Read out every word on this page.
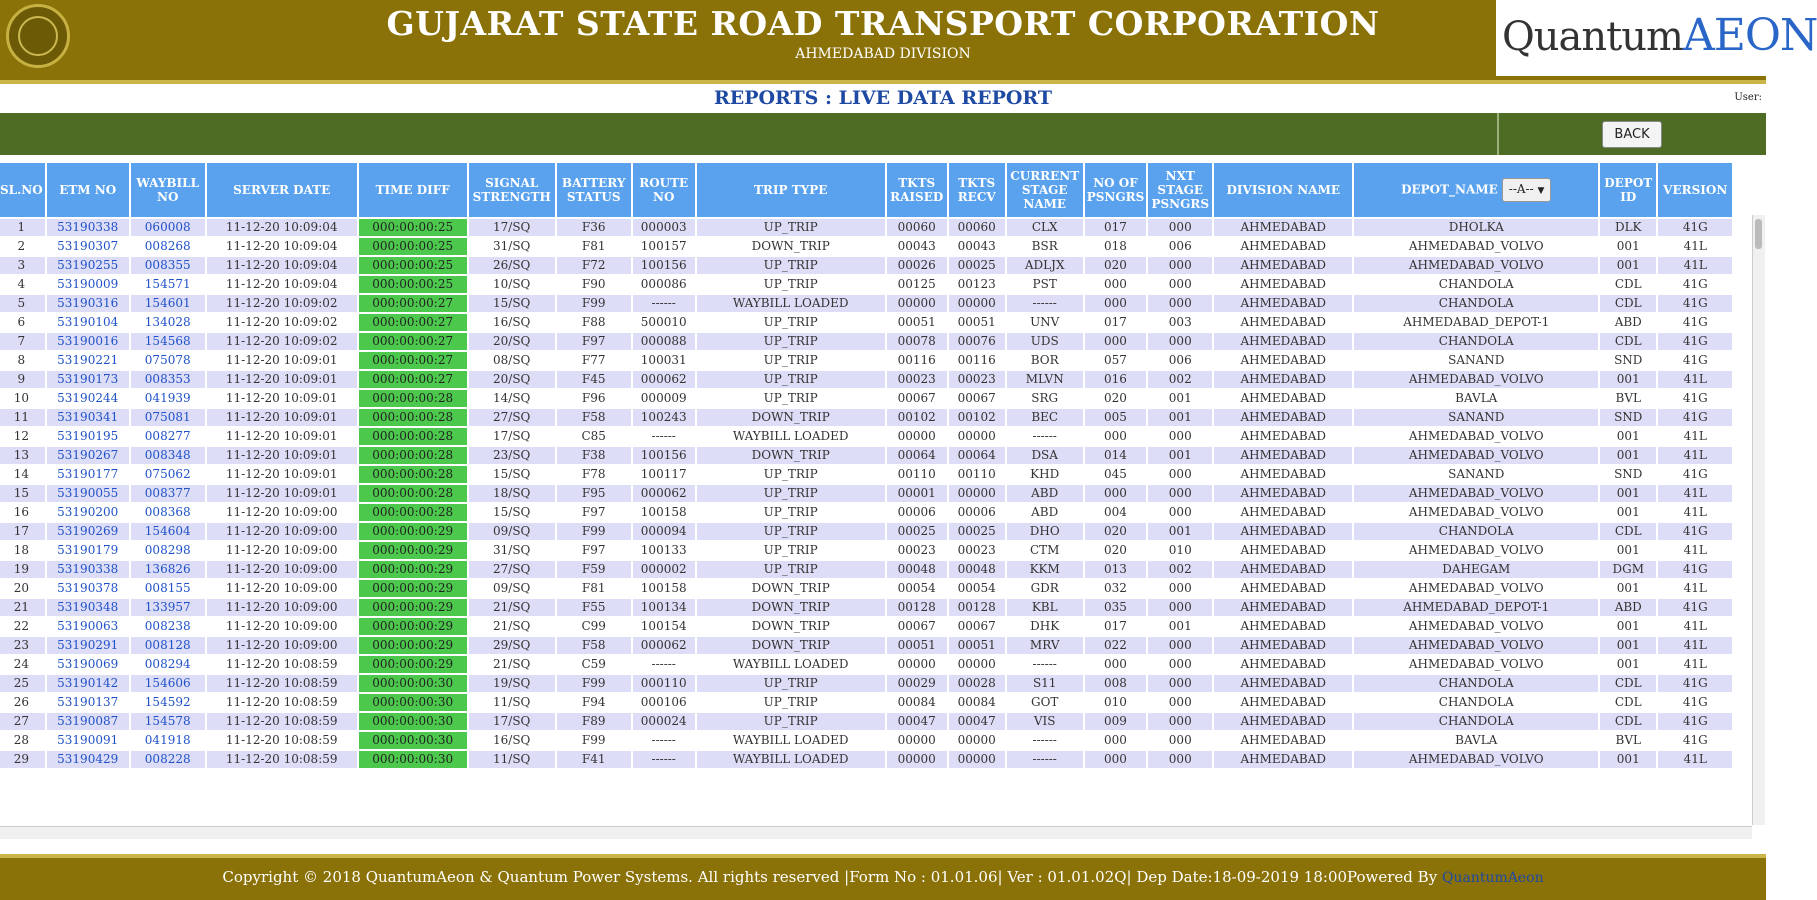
GUJARAT STATE ROAD TRANSPORT CORPORATION
AHMEDABAD DIVISION	QuantumAEON
REPORTS : LIVE DATA REPORT	User:
BACK
SL.NO	ETM NO	WAYBILL NO	SERVER DATE	TIME DIFF	SIGNAL STRENGTH	BATTERY STATUS	ROUTE NO	TRIP TYPE	TKTS RAISED	TKTS RECV	CURRENT STAGE NAME	NO OF PSNGRS	NXT STAGE PSNGRS	DIVISION NAME	DEPOT_NAME --A-- ▼	DEPOT ID	VERSION
1	53190338	060008	11-12-20 10:09:04	000:00:00:25	17/SQ	F36	000003	UP_TRIP	00060	00060	CLX	017	000	AHMEDABAD	DHOLKA	DLK	41G
2	53190307	008268	11-12-20 10:09:04	000:00:00:25	31/SQ	F81	100157	DOWN_TRIP	00043	00043	BSR	018	006	AHMEDABAD	AHMEDABAD_VOLVO	001	41L
3	53190255	008355	11-12-20 10:09:04	000:00:00:25	26/SQ	F72	100156	UP_TRIP	00026	00025	ADLJX	020	000	AHMEDABAD	AHMEDABAD_VOLVO	001	41L
4	53190009	154571	11-12-20 10:09:04	000:00:00:25	10/SQ	F90	000086	UP_TRIP	00125	00123	PST	000	000	AHMEDABAD	CHANDOLA	CDL	41G
5	53190316	154601	11-12-20 10:09:02	000:00:00:27	15/SQ	F99	------	WAYBILL LOADED	00000	00000	------	000	000	AHMEDABAD	CHANDOLA	CDL	41G
6	53190104	134028	11-12-20 10:09:02	000:00:00:27	16/SQ	F88	500010	UP_TRIP	00051	00051	UNV	017	003	AHMEDABAD	AHMEDABAD_DEPOT-1	ABD	41G
7	53190016	154568	11-12-20 10:09:02	000:00:00:27	20/SQ	F97	000088	UP_TRIP	00078	00076	UDS	000	000	AHMEDABAD	CHANDOLA	CDL	41G
8	53190221	075078	11-12-20 10:09:01	000:00:00:27	08/SQ	F77	100031	UP_TRIP	00116	00116	BOR	057	006	AHMEDABAD	SANAND	SND	41G
9	53190173	008353	11-12-20 10:09:01	000:00:00:27	20/SQ	F45	000062	UP_TRIP	00023	00023	MLVN	016	002	AHMEDABAD	AHMEDABAD_VOLVO	001	41L
10	53190244	041939	11-12-20 10:09:01	000:00:00:28	14/SQ	F96	000009	UP_TRIP	00067	00067	SRG	020	001	AHMEDABAD	BAVLA	BVL	41G
11	53190341	075081	11-12-20 10:09:01	000:00:00:28	27/SQ	F58	100243	DOWN_TRIP	00102	00102	BEC	005	001	AHMEDABAD	SANAND	SND	41G
12	53190195	008277	11-12-20 10:09:01	000:00:00:28	17/SQ	C85	------	WAYBILL LOADED	00000	00000	------	000	000	AHMEDABAD	AHMEDABAD_VOLVO	001	41L
13	53190267	008348	11-12-20 10:09:01	000:00:00:28	23/SQ	F38	100156	DOWN_TRIP	00064	00064	DSA	014	001	AHMEDABAD	AHMEDABAD_VOLVO	001	41L
14	53190177	075062	11-12-20 10:09:01	000:00:00:28	15/SQ	F78	100117	UP_TRIP	00110	00110	KHD	045	000	AHMEDABAD	SANAND	SND	41G
15	53190055	008377	11-12-20 10:09:01	000:00:00:28	18/SQ	F95	000062	UP_TRIP	00001	00000	ABD	000	000	AHMEDABAD	AHMEDABAD_VOLVO	001	41L
16	53190200	008368	11-12-20 10:09:00	000:00:00:28	15/SQ	F97	100158	UP_TRIP	00006	00006	ABD	004	000	AHMEDABAD	AHMEDABAD_VOLVO	001	41L
17	53190269	154604	11-12-20 10:09:00	000:00:00:29	09/SQ	F99	000094	UP_TRIP	00025	00025	DHO	020	001	AHMEDABAD	CHANDOLA	CDL	41G
18	53190179	008298	11-12-20 10:09:00	000:00:00:29	31/SQ	F97	100133	UP_TRIP	00023	00023	CTM	020	010	AHMEDABAD	AHMEDABAD_VOLVO	001	41L
19	53190338	136826	11-12-20 10:09:00	000:00:00:29	27/SQ	F59	000002	UP_TRIP	00048	00048	KKM	013	002	AHMEDABAD	DAHEGAM	DGM	41G
20	53190378	008155	11-12-20 10:09:00	000:00:00:29	09/SQ	F81	100158	DOWN_TRIP	00054	00054	GDR	032	000	AHMEDABAD	AHMEDABAD_VOLVO	001	41L
21	53190348	133957	11-12-20 10:09:00	000:00:00:29	21/SQ	F55	100134	DOWN_TRIP	00128	00128	KBL	035	000	AHMEDABAD	AHMEDABAD_DEPOT-1	ABD	41G
22	53190063	008238	11-12-20 10:09:00	000:00:00:29	21/SQ	C99	100154	DOWN_TRIP	00067	00067	DHK	017	001	AHMEDABAD	AHMEDABAD_VOLVO	001	41L
23	53190291	008128	11-12-20 10:09:00	000:00:00:29	29/SQ	F58	000062	DOWN_TRIP	00051	00051	MRV	022	000	AHMEDABAD	AHMEDABAD_VOLVO	001	41L
24	53190069	008294	11-12-20 10:08:59	000:00:00:29	21/SQ	C59	------	WAYBILL LOADED	00000	00000	------	000	000	AHMEDABAD	AHMEDABAD_VOLVO	001	41L
25	53190142	154606	11-12-20 10:08:59	000:00:00:30	19/SQ	F99	000110	UP_TRIP	00029	00028	S11	008	000	AHMEDABAD	CHANDOLA	CDL	41G
26	53190137	154592	11-12-20 10:08:59	000:00:00:30	11/SQ	F94	000106	UP_TRIP	00084	00084	GOT	010	000	AHMEDABAD	CHANDOLA	CDL	41G
27	53190087	154578	11-12-20 10:08:59	000:00:00:30	17/SQ	F89	000024	UP_TRIP	00047	00047	VIS	009	000	AHMEDABAD	CHANDOLA	CDL	41G
28	53190091	041918	11-12-20 10:08:59	000:00:00:30	16/SQ	F99	------	WAYBILL LOADED	00000	00000	------	000	000	AHMEDABAD	BAVLA	BVL	41G
29	53190429	008228	11-12-20 10:08:59	000:00:00:30	11/SQ	F41	------	WAYBILL LOADED	00000	00000	------	000	000	AHMEDABAD	AHMEDABAD_VOLVO	001	41L
Copyright © 2018 QuantumAeon & Quantum Power Systems. All rights reserved |Form No : 01.01.06| Ver : 01.01.02Q| Dep Date:18-09-2019 18:00Powered By QuantumAeon
